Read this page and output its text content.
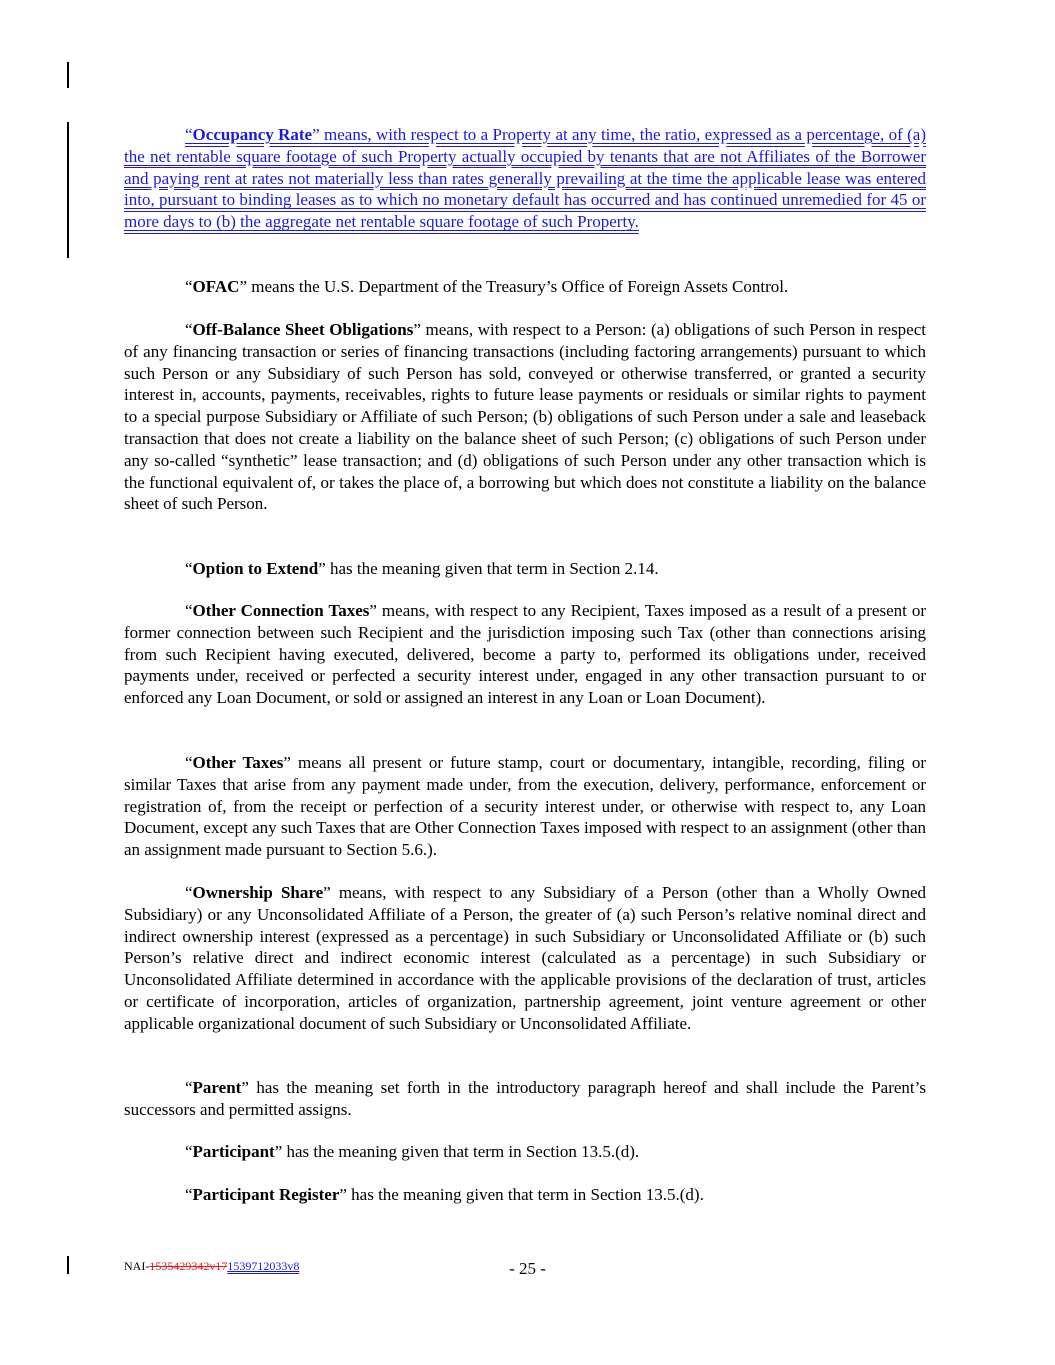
“Occupancy Rate” means, with respect to a Property at any time, the ratio, expressed as a percentage, of (a) the net rentable square footage of such Property actually occupied by tenants that are not Affiliates of the Borrower and paying rent at rates not materially less than rates generally prevailing at the time the applicable lease was entered into, pursuant to binding leases as to which no monetary default has occurred and has continued unremedied for 45 or more days to (b) the aggregate net rentable square footage of such Property.

“OFAC” means the U.S. Department of the Treasury’s Office of Foreign Assets Control.

“Off-Balance Sheet Obligations” means, with respect to a Person: (a) obligations of such Person in respect of any financing transaction or series of financing transactions (including factoring arrangements) pursuant to which such Person or any Subsidiary of such Person has sold, conveyed or otherwise transferred, or granted a security interest in, accounts, payments, receivables, rights to future lease payments or residuals or similar rights to payment to a special purpose Subsidiary or Affiliate of such Person; (b) obligations of such Person under a sale and leaseback transaction that does not create a liability on the balance sheet of such Person; (c) obligations of such Person under any so-called “synthetic” lease transaction; and (d) obligations of such Person under any other transaction which is the functional equivalent of, or takes the place of, a borrowing but which does not constitute a liability on the balance sheet of such Person.

“Option to Extend” has the meaning given that term in Section 2.14.

“Other Connection Taxes” means, with respect to any Recipient, Taxes imposed as a result of a present or former connection between such Recipient and the jurisdiction imposing such Tax (other than connections arising from such Recipient having executed, delivered, become a party to, performed its obligations under, received payments under, received or perfected a security interest under, engaged in any other transaction pursuant to or enforced any Loan Document, or sold or assigned an interest in any Loan or Loan Document).

“Other Taxes” means all present or future stamp, court or documentary, intangible, recording, filing or similar Taxes that arise from any payment made under, from the execution, delivery, performance, enforcement or registration of, from the receipt or perfection of a security interest under, or otherwise with respect to, any Loan Document, except any such Taxes that are Other Connection Taxes imposed with respect to an assignment (other than an assignment made pursuant to Section 5.6.).

“Ownership Share” means, with respect to any Subsidiary of a Person (other than a Wholly Owned Subsidiary) or any Unconsolidated Affiliate of a Person, the greater of (a) such Person’s relative nominal direct and indirect ownership interest (expressed as a percentage) in such Subsidiary or Unconsolidated Affiliate or (b) such Person’s relative direct and indirect economic interest (calculated as a percentage) in such Subsidiary or Unconsolidated Affiliate determined in accordance with the applicable provisions of the declaration of trust, articles or certificate of incorporation, articles of organization, partnership agreement, joint venture agreement or other applicable organizational document of such Subsidiary or Unconsolidated Affiliate.

“Parent” has the meaning set forth in the introductory paragraph hereof and shall include the Parent’s successors and permitted assigns.

“Participant” has the meaning given that term in Section 13.5.(d).

“Participant Register” has the meaning given that term in Section 13.5.(d).

NAI-1535429342v171539712033v8	- 25 -
